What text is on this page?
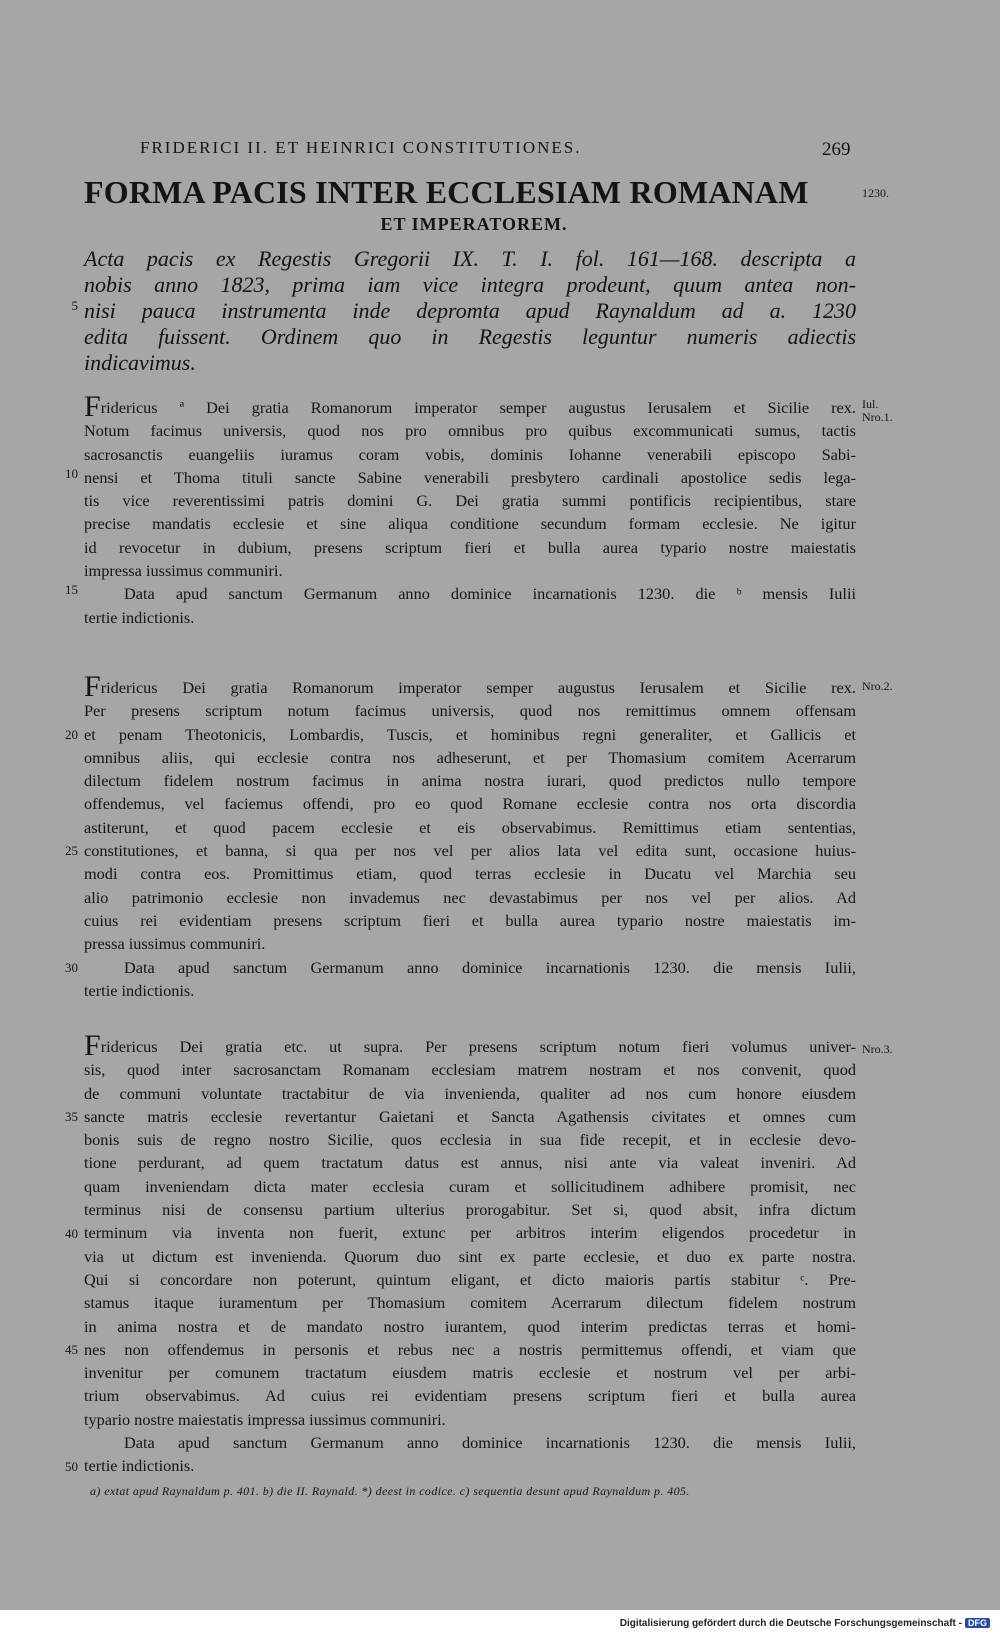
FRIDERICI II. ET HEINRICI CONSTITUTIONES.	269
FORMA PACIS INTER ECCLESIAM ROMANAM
ET IMPERATOREM.
1230.
Acta pacis ex Regestis Gregorii IX. T. I. fol. 161—168. descripta a
nobis anno 1823, prima iam vice integra prodeunt, quum antea non-
nisi pauca instrumenta inde depromta apud Raynaldum ad a. 1230
edita fuissent. Ordinem quo in Regestis leguntur numeris adiectis
indicavimus.
5
Iul.
Nro.1.
Fridericus ª Dei gratia Romanorum imperator semper augustus Ierusalem et Sicilie rex.
Notum facimus universis, quod nos pro omnibus pro quibus excommunicati sumus, tactis
sacrosanctis euangeliis iuramus coram vobis, dominis Iohanne venerabili episcopo Sabi-
nensi et Thoma tituli sancte Sabine venerabili presbytero cardinali apostolice sedis lega-
tis vice reverentissimi patris domini G. Dei gratia summi pontificis recipientibus, stare
precise mandatis ecclesie et sine aliqua conditione secundum formam ecclesie. Ne igitur
id revocetur in dubium, presens scriptum fieri et bulla aurea typario nostre maiestatis
impressa iussimus communiri.
Data apud sanctum Germanum anno dominice incarnationis 1230. die ᵇ mensis Iulii
tertie indictionis.
10
15
Nro.2.
Fridericus Dei gratia Romanorum imperator semper augustus Ierusalem et Sicilie rex.
Per presens scriptum notum facimus universis, quod nos remittimus omnem offensam
et penam Theotonicis, Lombardis, Tuscis, et hominibus regni generaliter, et Gallicis et
omnibus aliis, qui ecclesie contra nos adheserunt, et per Thomasium comitem Acerrarum
dilectum fidelem nostrum facimus in anima nostra iurari, quod predictos nullo tempore
offendemus, vel faciemus offendi, pro eo quod Romane ecclesie contra nos orta discordia
astiterunt, et quod pacem ecclesie et eis observabimus. Remittimus etiam sententias,
constitutiones, et banna, si qua per nos vel per alios lata vel edita sunt, occasione huius-
modi contra eos. Promittimus etiam, quod terras ecclesie in Ducatu vel Marchia seu
alio patrimonio ecclesie non invademus nec devastabimus per nos vel per alios. Ad
cuius rei evidentiam presens scriptum fieri et bulla aurea typario nostre maiestatis im-
pressa iussimus communiri.
Data apud sanctum Germanum anno dominice incarnationis 1230. die mensis Iulii,
tertie indictionis.
20
25
30
Nro.3.
Fridericus Dei gratia etc. ut supra. Per presens scriptum notum fieri volumus univer-
sis, quod inter sacrosanctam Romanam ecclesiam matrem nostram et nos convenit, quod
de communi voluntate tractabitur de via invenienda, qualiter ad nos cum honore eiusdem
sancte matris ecclesie revertantur Gaietani et Sancta Agathensis civitates et omnes cum
bonis suis de regno nostro Sicilie, quos ecclesia in sua fide recepit, et in ecclesie devo-
tione perdurant, ad quem tractatum datus est annus, nisi ante via valeat inveniri. Ad
quam inveniendam dicta mater ecclesia curam et sollicitudinem adhibere promisit, nec
terminus nisi de consensu partium ulterius prorogabitur. Set si, quod absit, infra dictum
terminum via inventa non fuerit, extunc per arbitros interim eligendos procedetur in
via ut dictum est invenienda. Quorum duo sint ex parte ecclesie, et duo ex parte nostra.
Qui si concordare non poterunt, quintum eligant, et dicto maioris partis stabitur ᶜ. Pre-
stamus itaque iuramentum per Thomasium comitem Acerrarum dilectum fidelem nostrum
in anima nostra et de mandato nostro iurantem, quod interim predictas terras et homi-
nes non offendemus in personis et rebus nec a nostris permittemus offendi, et viam que
invenitur per comunem tractatum eiusdem matris ecclesie et nostrum vel per arbi-
trium observabimus. Ad cuius rei evidentiam presens scriptum fieri et bulla aurea
typario nostre maiestatis impressa iussimus communiri.
Data apud sanctum Germanum anno dominice incarnationis 1230. die mensis Iulii,
tertie indictionis.
35
40
45
50
a) extat apud Raynaldum p. 401. b) die II. Raynald. *) deest in codice. c) sequentia desunt apud Raynaldum p. 405.
Digitalisierung gefördert durch die Deutsche Forschungsgemeinschaft - DFG
